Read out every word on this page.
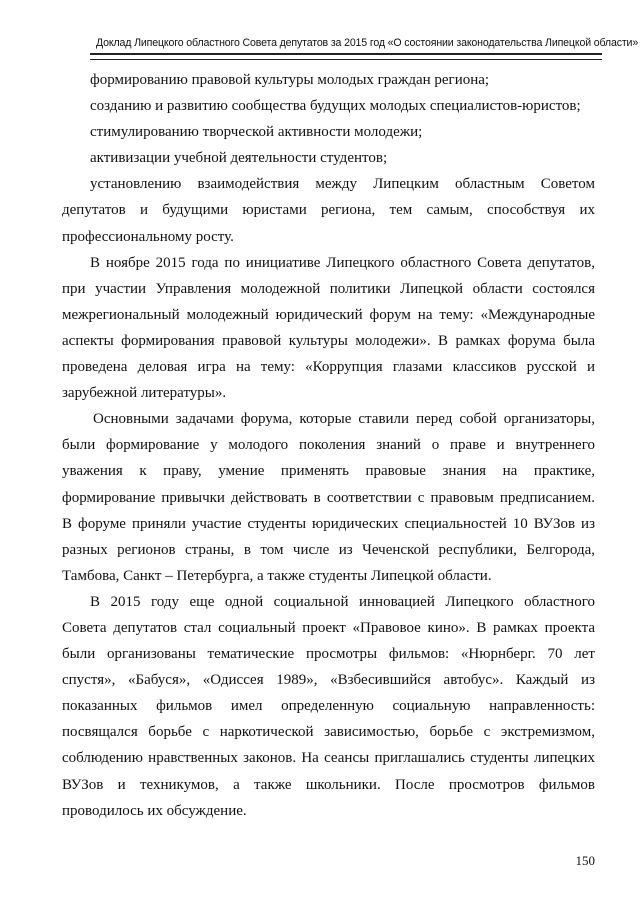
Доклад Липецкого областного Совета депутатов за 2015 год «О состоянии законодательства Липецкой области»
формированию правовой культуры молодых граждан региона;
созданию и развитию сообщества будущих молодых специалистов-юристов;
стимулированию творческой активности молодежи;
активизации учебной деятельности студентов;
установлению взаимодействия между Липецким областным Советом
депутатов и будущими юристами региона, тем самым, способствуя их
профессиональному росту.
В ноябре 2015 года по инициативе Липецкого областного Совета депутатов,
при участии Управления молодежной политики Липецкой области состоялся
межрегиональный молодежный юридический форум на тему: «Международные
аспекты формирования правовой культуры молодежи». В рамках форума была
проведена деловая игра на тему: «Коррупция глазами классиков русской и
зарубежной литературы».
Основными задачами форума, которые ставили перед собой организаторы,
были формирование у молодого поколения знаний о праве и внутреннего
уважения к праву, умение применять правовые знания на практике,
формирование привычки действовать в соответствии с правовым предписанием.
В форуме приняли участие студенты юридических специальностей 10 ВУЗов из
разных регионов страны, в том числе из Чеченской республики, Белгорода,
Тамбова, Санкт – Петербурга, а также студенты Липецкой области.
В 2015 году еще одной социальной инновацией Липецкого областного
Совета депутатов стал социальный проект «Правовое кино». В рамках проекта
были организованы тематические просмотры фильмов: «Нюрнберг. 70 лет
спустя», «Бабуся», «Одиссея 1989», «Взбесившийся автобус». Каждый из
показанных фильмов имел определенную социальную направленность:
посвящался борьбе с наркотической зависимостью, борьбе с экстремизмом,
соблюдению нравственных законов. На сеансы приглашались студенты липецких
ВУЗов и техникумов, а также школьники. После просмотров фильмов
проводилось их обсуждение.
150
